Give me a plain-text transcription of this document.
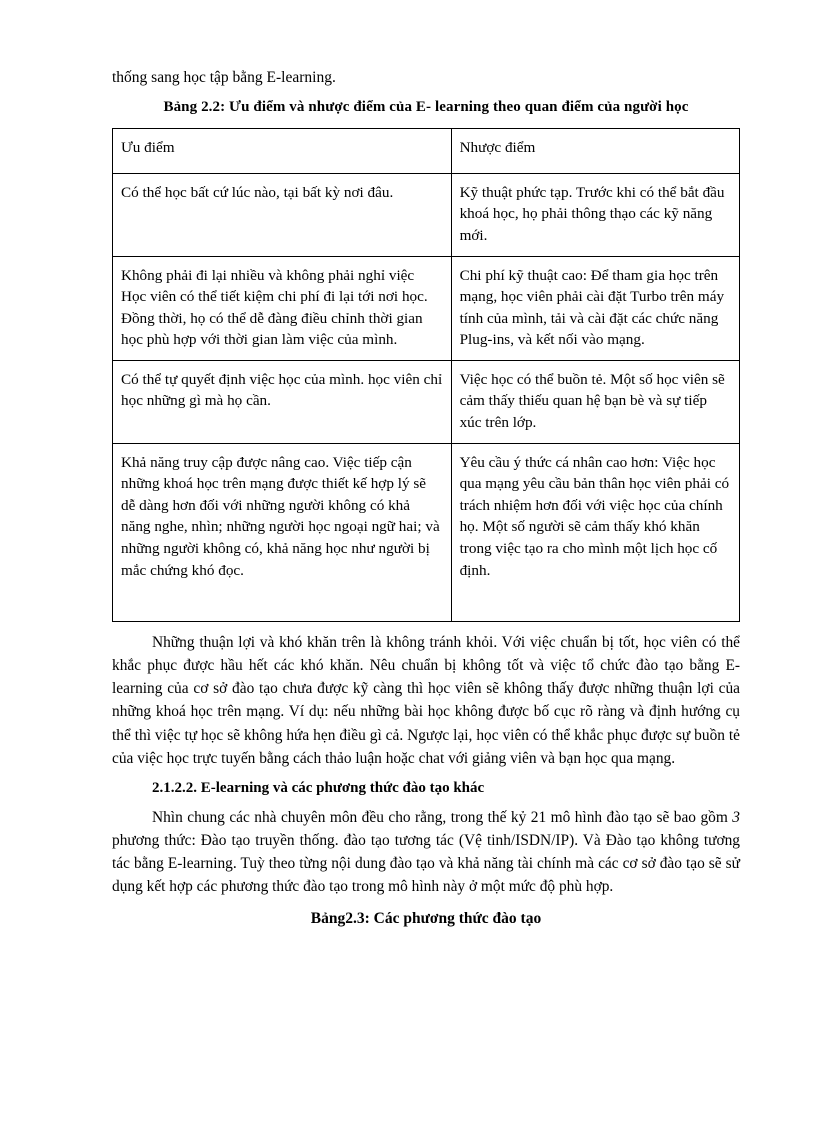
thống sang học tập bằng E-learning.

Bảng 2.2: Ưu điểm và nhược điểm của E- learning theo quan điểm của người học

Ưu điểm	Nhược điểm
Có thể học bất cứ lúc nào, tại bất kỳ nơi đâu.	Kỹ thuật phức tạp. Trước khi có thể bắt đầu khoá học, họ phải thông thạo các kỹ năng mới.
Không phải đi lại nhiều và không phải nghỉ việc Học viên có thể tiết kiệm chi phí đi lại tới nơi học. Đồng thời, họ có thể dễ đàng điều chỉnh thời gian học phù hợp với thời gian làm việc của mình.	Chi phí kỹ thuật cao: Để tham gia học trên mạng, học viên phải cài đặt Turbo trên máy tính của mình, tải và cài đặt các chức năng Plug-ins, và kết nối vào mạng.
Có thể tự quyết định việc học của mình. học viên chỉ học những gì mà họ cần.	Việc học có thể buồn tẻ. Một số học viên sẽ cảm thấy thiếu quan hệ bạn bè và sự tiếp xúc trên lớp.
Khả năng truy cập được nâng cao. Việc tiếp cận những khoá học trên mạng được thiết kế hợp lý sẽ dễ dàng hơn đối với những người không có khả năng nghe, nhìn; những người học ngoại ngữ hai; và những người không có, khả năng học như người bị mắc chứng khó đọc.	Yêu cầu ý thức cá nhân cao hơn: Việc học qua mạng yêu cầu bản thân học viên phải có trách nhiệm hơn đối với việc học của chính họ. Một số người sẽ cảm thấy khó khăn trong việc tạo ra cho mình một lịch học cố định.

Những thuận lợi và khó khăn trên là không tránh khỏi. Với việc chuẩn bị tốt, học viên có thể khắc phục được hầu hết các khó khăn. Nêu chuẩn bị không tốt và việc tổ chức đào tạo bằng E-learning của cơ sở đào tạo chưa được kỹ càng thì học viên sẽ không thấy được những thuận lợi của những khoá học trên mạng. Ví dụ: nếu những bài học không được bố cục rõ ràng và định hướng cụ thể thì việc tự học sẽ không hứa hẹn điều gì cả. Ngược lại, học viên có thể khắc phục được sự buồn tẻ của việc học trực tuyến bằng cách thảo luận hoặc chat với giảng viên và bạn học qua mạng.

2.1.2.2. E-learning và các phương thức đào tạo khác

Nhìn chung các nhà chuyên môn đều cho rằng, trong thế kỷ 21 mô hình đào tạo sẽ bao gồm 3 phương thức: Đào tạo truyền thống. đào tạo tương tác (Vệ tinh/ISDN/IP). Và Đào tạo không tương tác bằng E-learning. Tuỳ theo từng nội dung đào tạo và khả năng tài chính mà các cơ sở đào tạo sẽ sử dụng kết hợp các phương thức đào tạo trong mô hình này ở một mức độ phù hợp.

Bảng2.3: Các phương thức đào tạo
